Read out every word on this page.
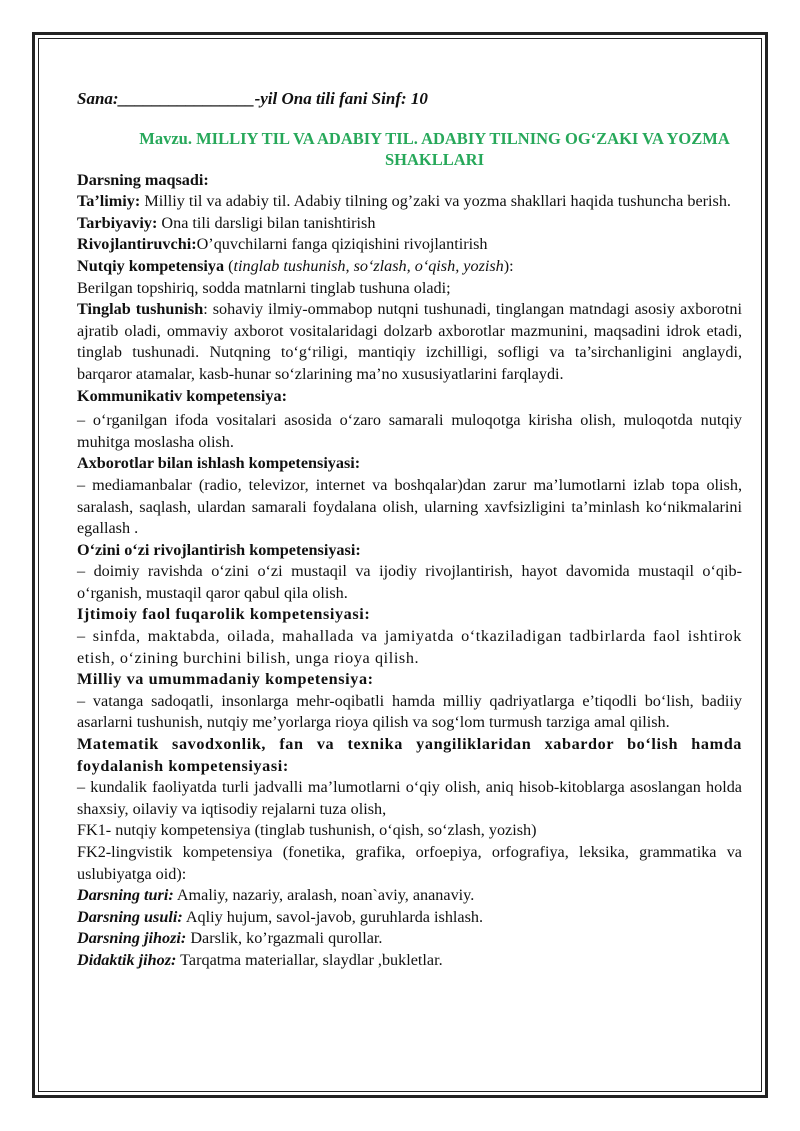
Sana:________________-yil Ona tili fani Sinf: 10

Mavzu. MILLIY TIL VA ADABIY TIL. ADABIY TILNING OG‘ZAKI VA YOZMA SHAKLLARI

Darsning maqsadi:

Ta’limiy: Milliy til va adabiy til. Adabiy tilning og’zaki va yozma shakllari haqida tushuncha berish.

Tarbiyaviy: Ona tili darsligi bilan tanishtirish

Rivojlantiruvchi:O’quvchilarni fanga qiziqishini rivojlantirish

Nutqiy kompetensiya (tinglab tushunish, so‘zlash, o‘qish, yozish):

Berilgan topshiriq, sodda matnlarni tinglab tushuna oladi;

Tinglab tushunish: sohaviy ilmiy-ommabop nutqni tushunadi, tinglangan matndagi asosiy axborotni ajratib oladi, ommaviy axborot vositalaridagi dolzarb axborotlar mazmunini, maqsadini idrok etadi, tinglab tushunadi. Nutqning to‘g‘riligi, mantiqiy izchilligi, sofligi va ta’sirchanligini anglaydi, barqaror atamalar, kasb-hunar so‘zlarining ma’no xususiyatlarini farqlaydi.

Kommunikativ kompetensiya:

– o‘rganilgan ifoda vositalari asosida o‘zaro samarali muloqotga kirisha olish, muloqotda nutqiy muhitga moslasha olish.

Axborotlar bilan ishlash kompetensiyasi:

– mediamanbalar (radio, televizor, internet va boshqalar)dan zarur ma’lumotlarni izlab topa olish, saralash, saqlash, ulardan samarali foydalana olish, ularning xavfsizligini ta’minlash ko‘nikmalarini egallash .

O‘zini o‘zi rivojlantirish kompetensiyasi:

– doimiy ravishda o‘zini o‘zi mustaqil va ijodiy rivojlantirish, hayot davomida mustaqil o‘qib-o‘rganish, mustaqil qaror qabul qila olish.

Ijtimoiy faol fuqarolik kompetensiyasi:

– sinfda, maktabda, oilada, mahallada va jamiyatda o‘tkaziladigan tadbirlarda faol ishtirok etish, o‘zining burchini bilish, unga rioya qilish.

Milliy va umummadaniy kompetensiya:

– vatanga sadoqatli, insonlarga mehr-oqibatli hamda milliy qadriyatlarga e’tiqodli bo‘lish, badiiy asarlarni tushunish, nutqiy me’yorlarga rioya qilish va sog‘lom turmush tarziga amal qilish.

Matematik savodxonlik, fan va texnika yangiliklaridan xabardor bo‘lish hamda foydalanish kompetensiyasi:

– kundalik faoliyatda turli jadvalli ma’lumotlarni o‘qiy olish, aniq hisob-kitoblarga asoslangan holda shaxsiy, oilaviy va iqtisodiy rejalarni tuza olish,

FK1- nutqiy kompetensiya (tinglab tushunish, o‘qish, so‘zlash, yozish)

FK2-lingvistik kompetensiya (fonetika, grafika, orfoepiya, orfografiya, leksika, grammatika va uslubiyatga oid):

Darsning turi: Amaliy, nazariy, aralash, noan`aviy, ananaviy.

Darsning usuli: Aqliy hujum, savol-javob, guruhlarda ishlash.

Darsning jihozi: Darslik, ko’rgazmali qurollar.

Didaktik jihoz: Tarqatma materiallar, slaydlar ,bukletlar.
